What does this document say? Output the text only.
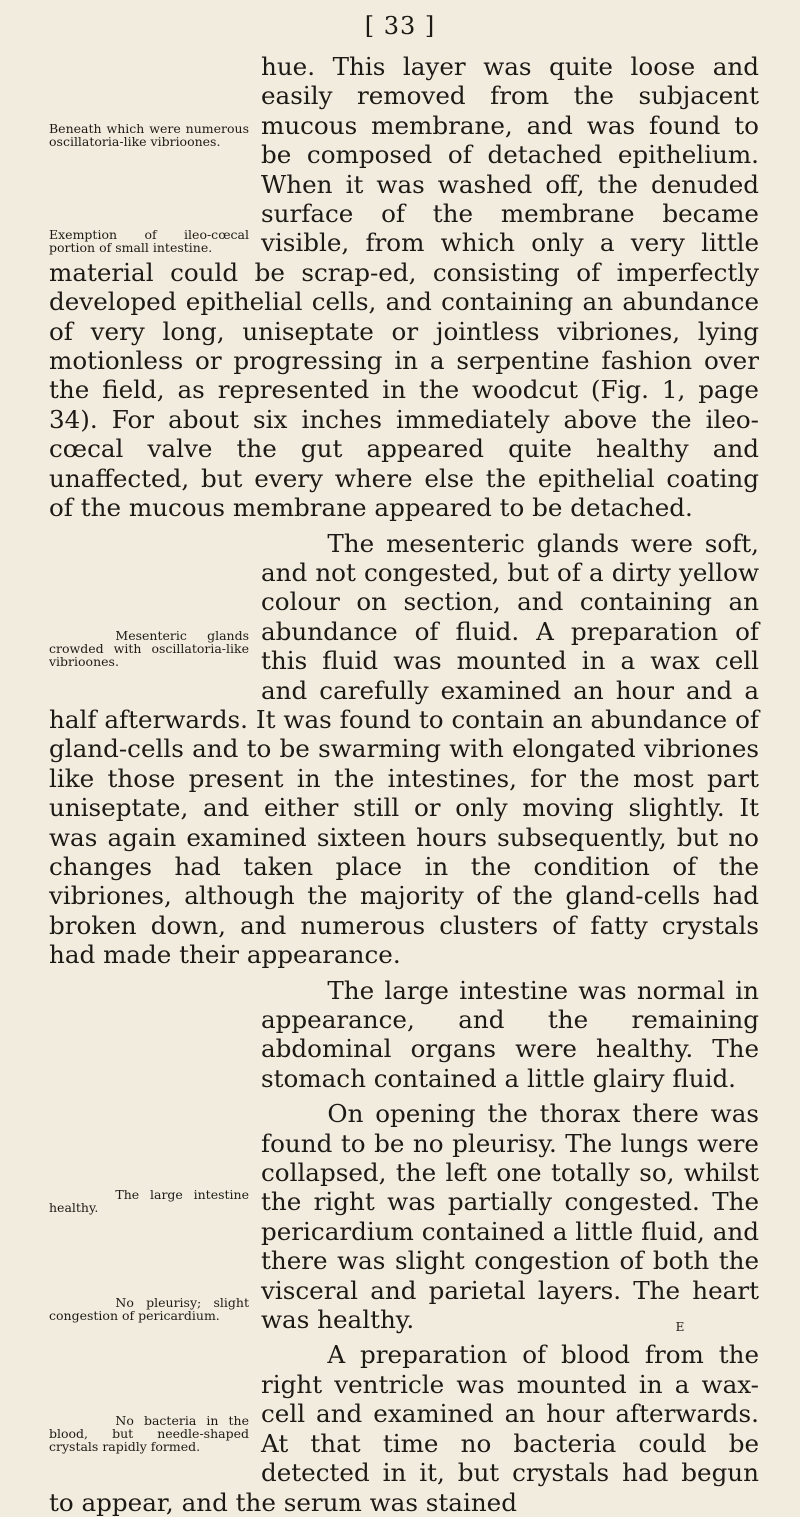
[ 33 ]

Beneath which were numerous oscillatoria-like vibrioones.
Exemption of ileo-cœcal portion of small intestine.
hue. This layer was quite loose and easily removed from the subjacent mucous membrane, and was found to be composed of detached epithelium. When it was washed off, the denuded surface of the membrane became visible, from which only a very little material could be scrap-ed, consisting of imperfectly developed epithelial cells, and containing an abundance of very long, uniseptate or jointless vibriones, lying motionless or progressing in a serpentine fashion over the field, as represented in the woodcut (Fig. 1, page 34). For about six inches immediately above the ileo-cœcal valve the gut appeared quite healthy and unaffected, but every where else the epithelial coating of the mucous membrane appeared to be detached.

Mesenteric glands crowded with oscillatoria-like vibrioones.
The mesenteric glands were soft, and not congested, but of a dirty yellow colour on section, and containing an abundance of fluid. A preparation of this fluid was mounted in a wax cell and carefully examined an hour and a half afterwards. It was found to contain an abundance of gland-cells and to be swarming with elongated vibriones like those present in the intestines, for the most part uniseptate, and either still or only moving slightly. It was again examined sixteen hours subsequently, but no changes had taken place in the condition of the vibriones, although the majority of the gland-cells had broken down, and numerous clusters of fatty crystals had made their appearance.

The large intestine healthy.
The large intestine was normal in appearance, and the remaining abdominal organs were healthy. The stomach contained a little glairy fluid.

No pleurisy; slight congestion of pericardium.
On opening the thorax there was found to be no pleurisy. The lungs were collapsed, the left one totally so, whilst the right was partially congested. The pericardium contained a little fluid, and there was slight congestion of both the visceral and parietal layers. The heart was healthy.

No bacteria in the blood, but needle-shaped crystals rapidly formed.
A preparation of blood from the right ventricle was mounted in a wax-cell and examined an hour afterwards. At that time no bacteria could be detected in it, but crystals had begun to appear, and the serum was stained

E
